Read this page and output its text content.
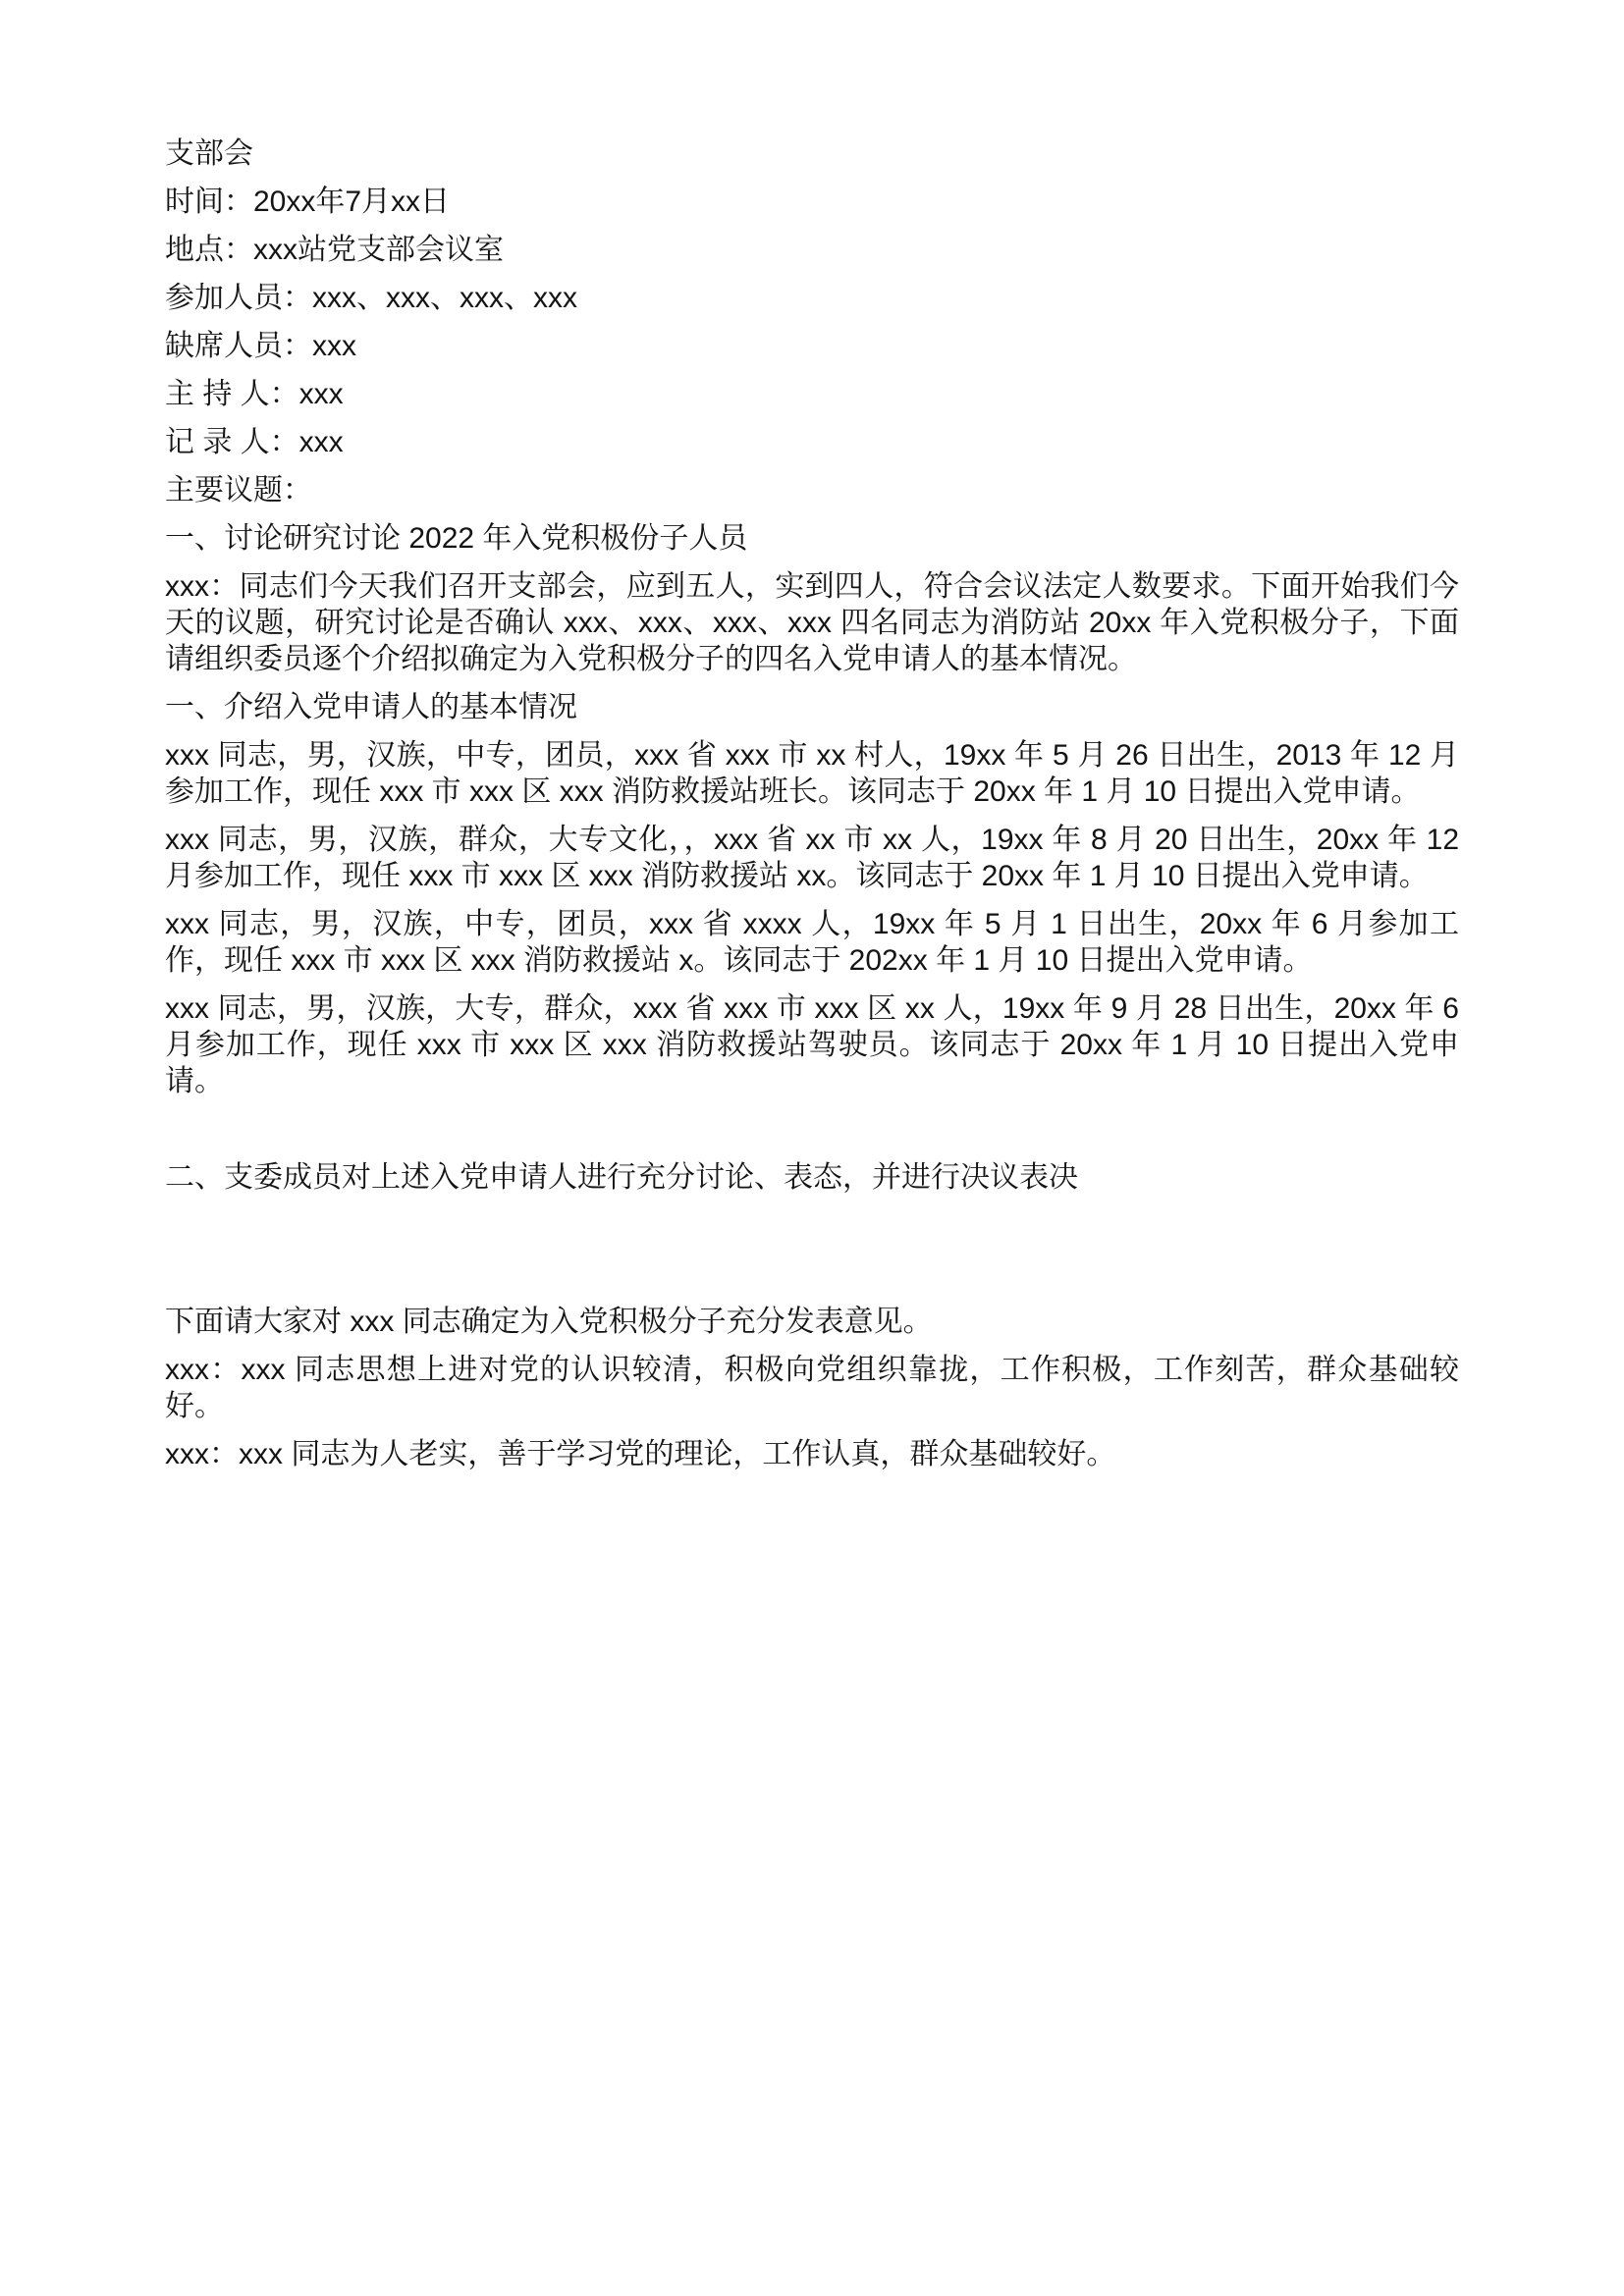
支部会

时间：20xx年7月xx日

地点：xxx站党支部会议室

参加人员：xxx、xxx、xxx、xxx

缺席人员：xxx

主 持 人：xxx

记 录 人：xxx

主要议题：

一、讨论研究讨论 2022 年入党积极份子人员

xxx：同志们今天我们召开支部会，应到五人，实到四人，符合会议法定人数要求。下面开始我们今天的议题，研究讨论是否确认 xxx、xxx、xxx、xxx 四名同志为消防站 20xx 年入党积极分子，下面请组织委员逐个介绍拟确定为入党积极分子的四名入党申请人的基本情况。

一、介绍入党申请人的基本情况

xxx 同志，男，汉族，中专，团员，xxx 省 xxx 市 xx 村人，19xx 年 5 月 26 日出生，2013 年 12 月参加工作，现任 xxx 市 xxx 区 xxx 消防救援站班长。该同志于 20xx 年 1 月 10 日提出入党申请。

xxx 同志，男，汉族，群众，大专文化，，xxx 省 xx 市 xx 人，19xx 年 8 月 20 日出生，20xx 年 12 月参加工作，现任 xxx 市 xxx 区 xxx 消防救援站 xx。该同志于 20xx 年 1 月 10 日提出入党申请。

xxx 同志，男，汉族，中专，团员，xxx 省 xxxx 人，19xx 年 5 月 1 日出生，20xx 年 6 月参加工作，现任 xxx 市 xxx 区 xxx 消防救援站 x。该同志于 202xx 年 1 月 10 日提出入党申请。

xxx 同志，男，汉族，大专，群众，xxx 省 xxx 市 xxx 区 xx 人，19xx 年 9 月 28 日出生，20xx 年 6 月参加工作，现任 xxx 市 xxx 区 xxx 消防救援站驾驶员。该同志于 20xx 年 1 月 10 日提出入党申请。

二、支委成员对上述入党申请人进行充分讨论、表态，并进行决议表决

下面请大家对 xxx 同志确定为入党积极分子充分发表意见。

xxx：xxx 同志思想上进对党的认识较清，积极向党组织靠拢，工作积极，工作刻苦，群众基础较好。

xxx：xxx 同志为人老实，善于学习党的理论，工作认真，群众基础较好。
